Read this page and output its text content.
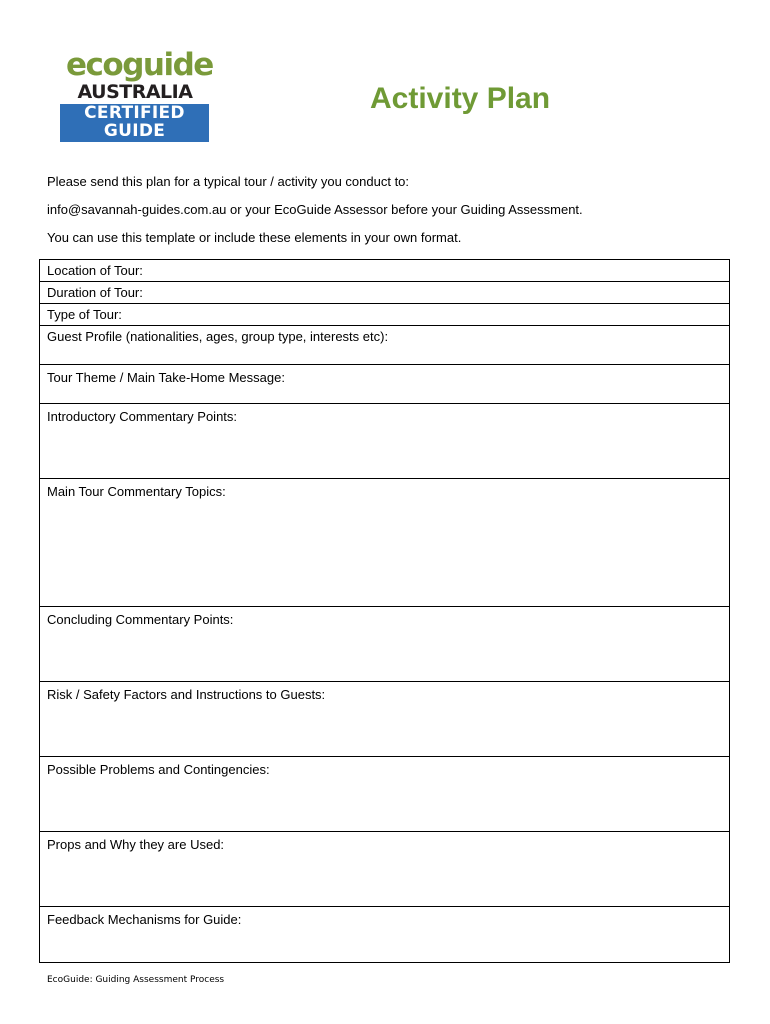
ecoguide
AUSTRALIA
CERTIFIED
GUIDE
Activity Plan

Please send this plan for a typical tour / activity you conduct to:

info@savannah-guides.com.au or your EcoGuide Assessor before your Guiding Assessment.

You can use this template or include these elements in your own format.

Location of Tour:

Duration of Tour:

Type of Tour:

Guest Profile (nationalities, ages, group type, interests etc):

Tour Theme / Main Take-Home Message:

Introductory Commentary Points:

Main Tour Commentary Topics:

Concluding Commentary Points:

Risk / Safety Factors and Instructions to Guests:

Possible Problems and Contingencies:

Props and Why they are Used:

Feedback Mechanisms for Guide:
EcoGuide: Guiding Assessment Process
